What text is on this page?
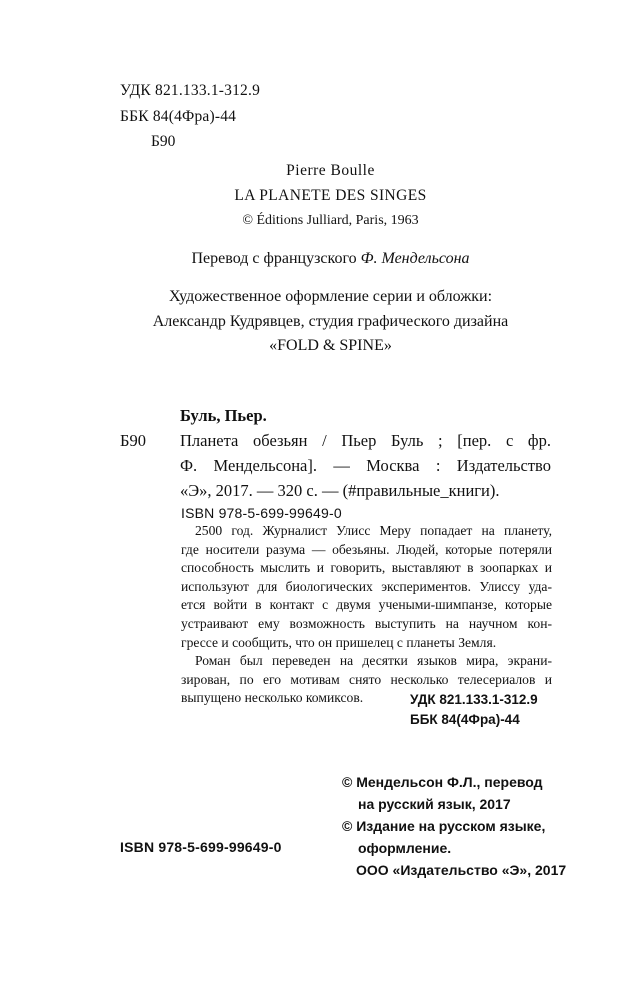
УДК 821.133.1-312.9
ББК 84(4Фра)-44
Б90
Pierre Boulle
LA PLANETE DES SINGES
© Éditions Julliard, Paris, 1963
Перевод с французского Ф. Мендельсона
Художественное оформление серии и обложки:
Александр Кудрявцев, студия графического дизайна
«FOLD & SPINE»
Буль, Пьер.
Б90 Планета обезьян / Пьер Буль ; [пер. с фр.
Ф. Мендельсона]. — Москва : Издательство
«Э», 2017. — 320 с. — (#правильные_книги).
ISBN 978-5-699-99649-0
2500 год. Журналист Улисс Меру попадает на планету,
где носители разума — обезьяны. Людей, которые потеряли
способность мыслить и говорить, выставляют в зоопарках и
используют для биологических экспериментов. Улиссу уда-
ется войти в контакт с двумя учеными-шимпанзе, которые
устраивают ему возможность выступить на научном кон-
грессе и сообщить, что он пришелец с планеты Земля.
Роман был переведен на десятки языков мира, экрани-
зирован, по его мотивам снято несколько телесериалов и
выпущено несколько комиксов.	УДК 821.133.1-312.9
ББК 84(4Фра)-44
© Мендельсон Ф.Л., перевод
на русский язык, 2017
© Издание на русском языке,
оформление.
ООО «Издательство «Э», 2017
ISBN 978-5-699-99649-0
